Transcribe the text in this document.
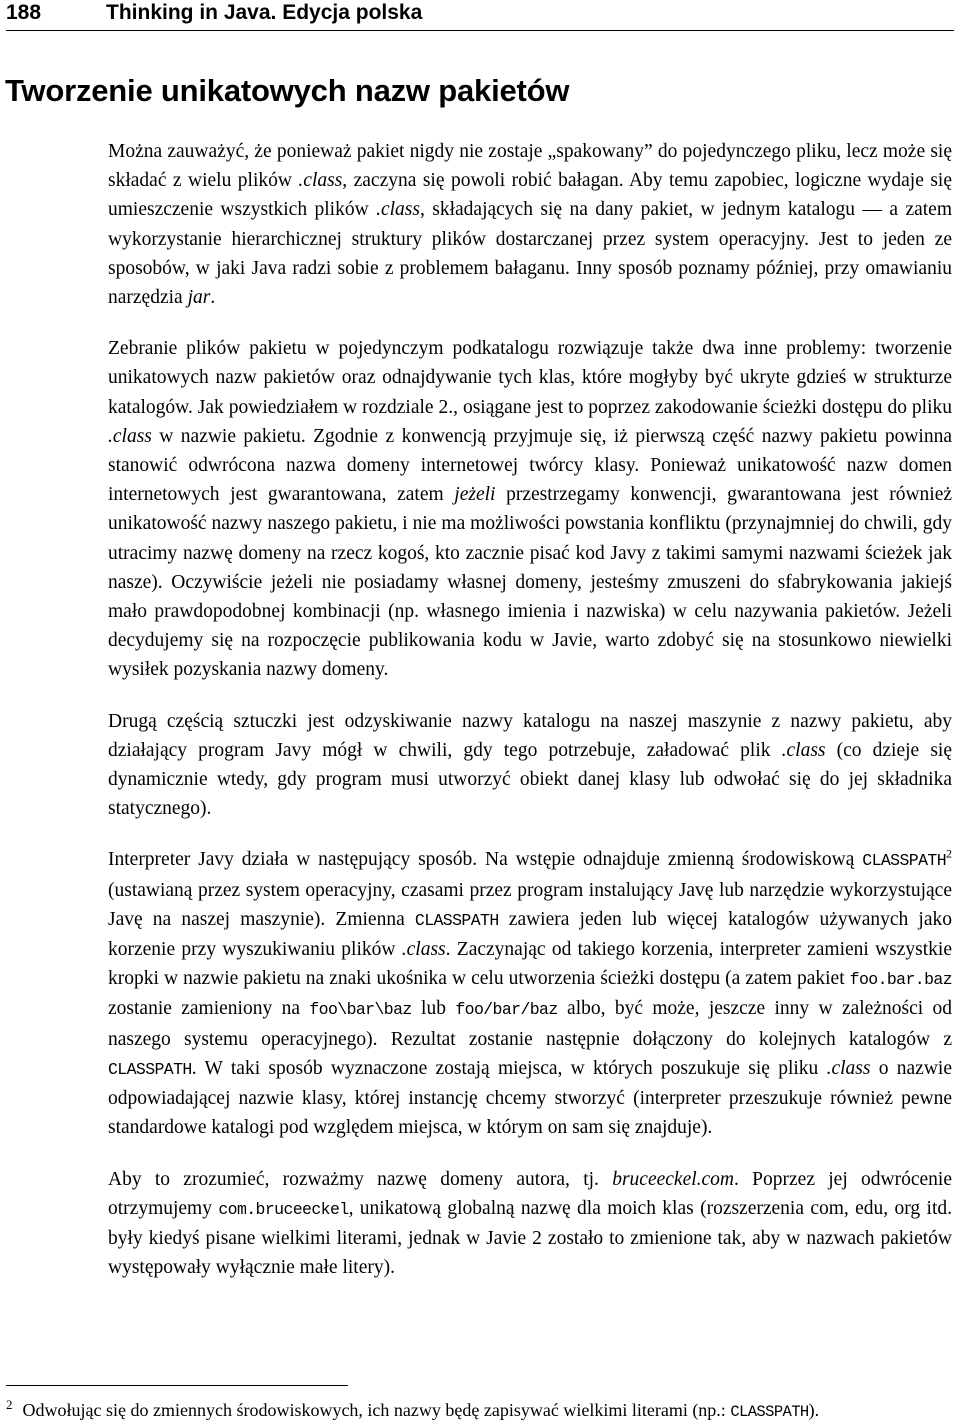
188	Thinking in Java. Edycja polska
Tworzenie unikatowych nazw pakietów

Można zauważyć, że ponieważ pakiet nigdy nie zostaje „spakowany” do pojedynczego pliku, lecz może się składać z wielu plików .class, zaczyna się powoli robić bałagan. Aby temu zapobiec, logiczne wydaje się umieszczenie wszystkich plików .class, składających się na dany pakiet, w jednym katalogu — a zatem wykorzystanie hierarchicznej struktury plików dostarczanej przez system operacyjny. Jest to jeden ze sposobów, w jaki Java radzi sobie z problemem bałaganu. Inny sposób poznamy później, przy omawianiu narzędzia jar.

Zebranie plików pakietu w pojedynczym podkatalogu rozwiązuje także dwa inne problemy: tworzenie unikatowych nazw pakietów oraz odnajdywanie tych klas, które mogłyby być ukryte gdzieś w strukturze katalogów. Jak powiedziałem w rozdziale 2., osiągane jest to poprzez zakodowanie ścieżki dostępu do pliku .class w nazwie pakietu. Zgodnie z konwencją przyjmuje się, iż pierwszą część nazwy pakietu powinna stanowić odwrócona nazwa domeny internetowej twórcy klasy. Ponieważ unikatowość nazw domen internetowych jest gwarantowana, zatem jeżeli przestrzegamy konwencji, gwarantowana jest również unikatowość nazwy naszego pakietu, i nie ma możliwości powstania konfliktu (przynajmniej do chwili, gdy utracimy nazwę domeny na rzecz kogoś, kto zacznie pisać kod Javy z takimi samymi nazwami ścieżek jak nasze). Oczywiście jeżeli nie posiadamy własnej domeny, jesteśmy zmuszeni do sfabrykowania jakiejś mało prawdopodobnej kombinacji (np. własnego imienia i nazwiska) w celu nazywania pakietów. Jeżeli decydujemy się na rozpoczęcie publikowania kodu w Javie, warto zdobyć się na stosunkowo niewielki wysiłek pozyskania nazwy domeny.

Drugą częścią sztuczki jest odzyskiwanie nazwy katalogu na naszej maszynie z nazwy pakietu, aby działający program Javy mógł w chwili, gdy tego potrzebuje, załadować plik .class (co dzieje się dynamicznie wtedy, gdy program musi utworzyć obiekt danej klasy lub odwołać się do jej składnika statycznego).

Interpreter Javy działa w następujący sposób. Na wstępie odnajduje zmienną środowiskową CLASSPATH$^2$ (ustawianą przez system operacyjny, czasami przez program instalujący Javę lub narzędzie wykorzystujące Javę na naszej maszynie). Zmienna CLASSPATH zawiera jeden lub więcej katalogów używanych jako korzenie przy wyszukiwaniu plików .class. Zaczynając od takiego korzenia, interpreter zamieni wszystkie kropki w nazwie pakietu na znaki ukośnika w celu utworzenia ścieżki dostępu (a zatem pakiet foo.bar.baz zostanie zamieniony na foo\bar\baz lub foo/bar/baz albo, być może, jeszcze inny w zależności od naszego systemu operacyjnego). Rezultat zostanie następnie dołączony do kolejnych katalogów z CLASSPATH. W taki sposób wyznaczone zostają miejsca, w których poszukuje się pliku .class o nazwie odpowiadającej nazwie klasy, której instancję chcemy stworzyć (interpreter przeszukuje również pewne standardowe katalogi pod względem miejsca, w którym on sam się znajduje).

Aby to zrozumieć, rozważmy nazwę domeny autora, tj. bruceeckel.com. Poprzez jej odwrócenie otrzymujemy com.bruceeckel, unikatową globalną nazwę dla moich klas (rozszerzenia com, edu, org itd. były kiedyś pisane wielkimi literami, jednak w Javie 2 zostało to zmienione tak, aby w nazwach pakietów występowały wyłącznie małe litery).

$^2$ Odwołując się do zmiennych środowiskowych, ich nazwy będę zapisywać wielkimi literami (np.: CLASSPATH).
